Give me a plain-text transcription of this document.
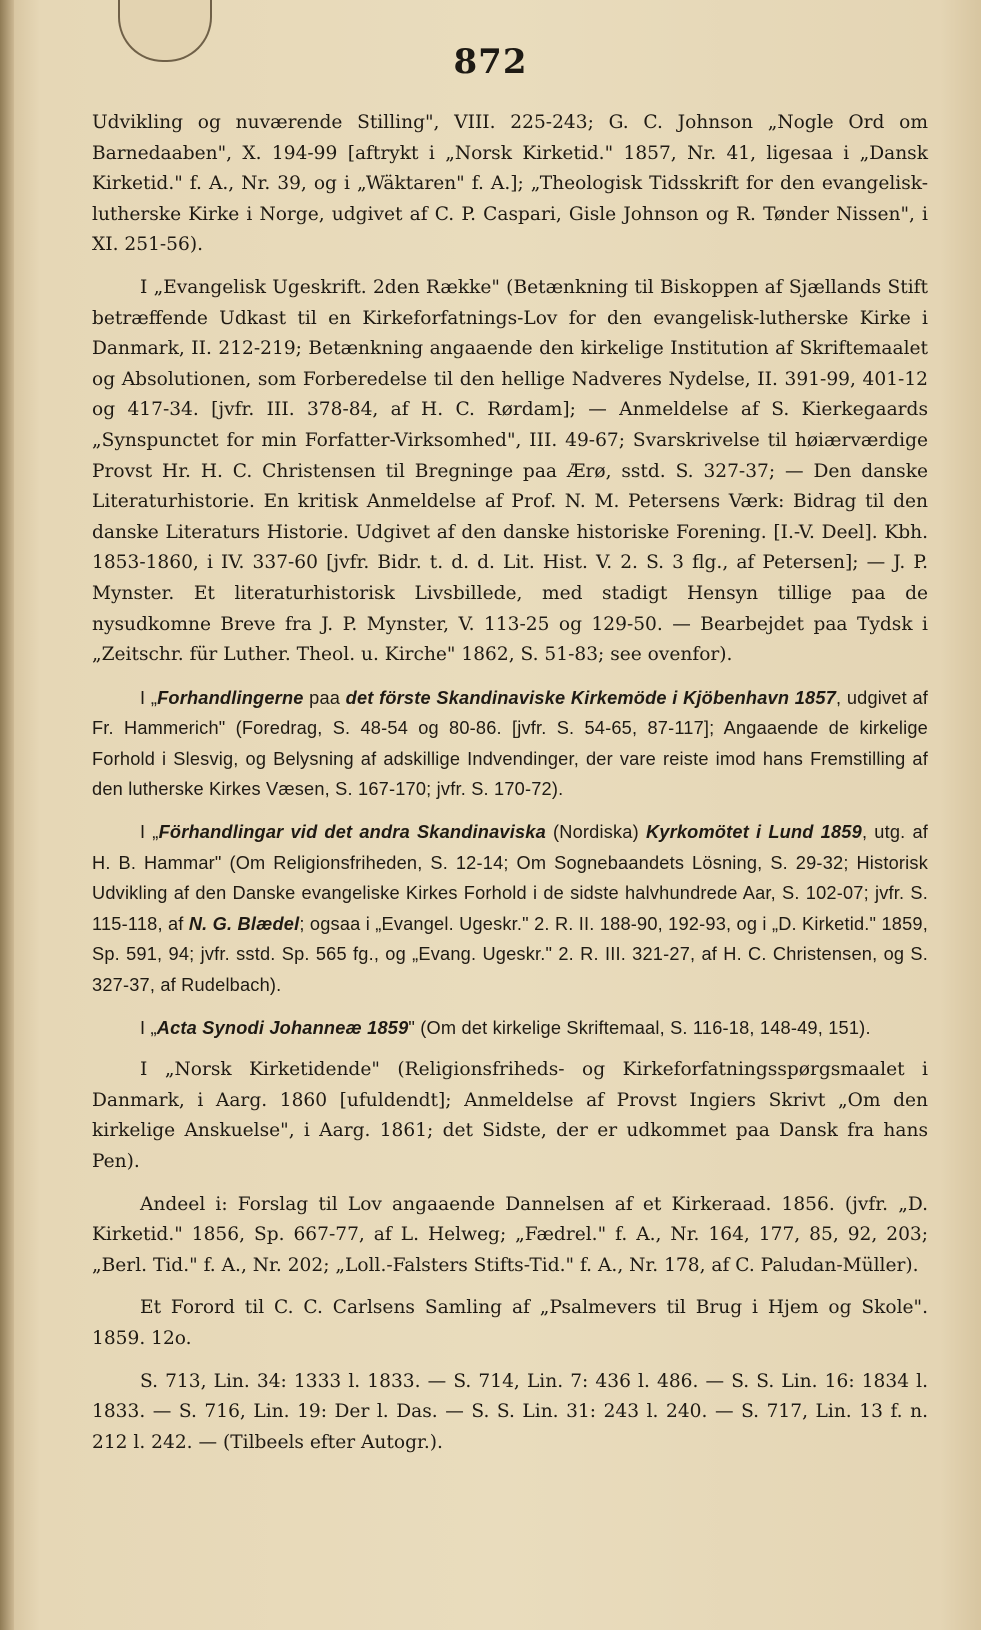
872

Udvikling og nuværende Stilling", VIII. 225-243; G. C. Johnson „Nogle Ord om Barnedaaben", X. 194-99 [aftrykt i „Norsk Kirketid." 1857, Nr. 41, ligesaa i „Dansk Kirketid." f. A., Nr. 39, og i „Wäktaren" f. A.]; „Theologisk Tidsskrift for den evangelisk-lutherske Kirke i Norge, udgivet af C. P. Caspari, Gisle Johnson og R. Tønder Nissen", i XI. 251-56).

I „Evangelisk Ugeskrift. 2den Række" (Betænkning til Biskoppen af Sjællands Stift betræffende Udkast til en Kirkeforfatnings-Lov for den evangelisk-lutherske Kirke i Danmark, II. 212-219; Betænkning angaaende den kirkelige Institution af Skriftemaalet og Absolutionen, som Forberedelse til den hellige Nadveres Nydelse, II. 391-99, 401-12 og 417-34. [jvfr. III. 378-84, af H. C. Rørdam]; — Anmeldelse af S. Kierkegaards „Synspunctet for min Forfatter-Virksomhed", III. 49-67; Svarskrivelse til høiærværdige Provst Hr. H. C. Christensen til Bregninge paa Ærø, sstd. S. 327-37; — Den danske Literaturhistorie. En kritisk Anmeldelse af Prof. N. M. Petersens Værk: Bidrag til den danske Literaturs Historie. Udgivet af den danske historiske Forening. [I.-V. Deel]. Kbh. 1853-1860, i IV. 337-60 [jvfr. Bidr. t. d. d. Lit. Hist. V. 2. S. 3 flg., af Petersen]; — J. P. Mynster. Et literaturhistorisk Livsbillede, med stadigt Hensyn tillige paa de nysudkomne Breve fra J. P. Mynster, V. 113-25 og 129-50. — Bearbejdet paa Tydsk i „Zeitschr. für Luther. Theol. u. Kirche" 1862, S. 51-83; see ovenfor).

I „Forhandlingerne paa det förste Skandinaviske Kirkemöde i Kjöbenhavn 1857, udgivet af Fr. Hammerich" (Foredrag, S. 48-54 og 80-86. [jvfr. S. 54-65, 87-117]; Angaaende de kirkelige Forhold i Slesvig, og Belysning af adskillige Indvendinger, der vare reiste imod hans Fremstilling af den lutherske Kirkes Væsen, S. 167-170; jvfr. S. 170-72).

I „Förhandlingar vid det andra Skandinaviska (Nordiska) Kyrkomötet i Lund 1859, utg. af H. B. Hammar" (Om Religionsfriheden, S. 12-14; Om Sognebaandets Lösning, S. 29-32; Historisk Udvikling af den Danske evangeliske Kirkes Forhold i de sidste halvhundrede Aar, S. 102-07; jvfr. S. 115-118, af N. G. Blædel; ogsaa i „Evangel. Ugeskr." 2. R. II. 188-90, 192-93, og i „D. Kirketid." 1859, Sp. 591, 94; jvfr. sstd. Sp. 565 fg., og „Evang. Ugeskr." 2. R. III. 321-27, af H. C. Christensen, og S. 327-37, af Rudelbach).

I „Acta Synodi Johanneæ 1859" (Om det kirkelige Skriftemaal, S. 116-18, 148-49, 151).

I „Norsk Kirketidende" (Religionsfriheds- og Kirkeforfatningsspørgsmaalet i Danmark, i Aarg. 1860 [ufuldendt]; Anmeldelse af Provst Ingiers Skrivt „Om den kirkelige Anskuelse", i Aarg. 1861; det Sidste, der er udkommet paa Dansk fra hans Pen).

Andeel i: Forslag til Lov angaaende Dannelsen af et Kirkeraad. 1856. (jvfr. „D. Kirketid." 1856, Sp. 667-77, af L. Helweg; „Fædrel." f. A., Nr. 164, 177, 85, 92, 203; „Berl. Tid." f. A., Nr. 202; „Loll.-Falsters Stifts-Tid." f. A., Nr. 178, af C. Paludan-Müller).

Et Forord til C. C. Carlsens Samling af „Psalmevers til Brug i Hjem og Skole". 1859. 12o.

S. 713, Lin. 34: 1333 l. 1833. — S. 714, Lin. 7: 436 l. 486. — S. S. Lin. 16: 1834 l. 1833. — S. 716, Lin. 19: Der l. Das. — S. S. Lin. 31: 243 l. 240. — S. 717, Lin. 13 f. n. 212 l. 242. — (Tilbeels efter Autogr.).
